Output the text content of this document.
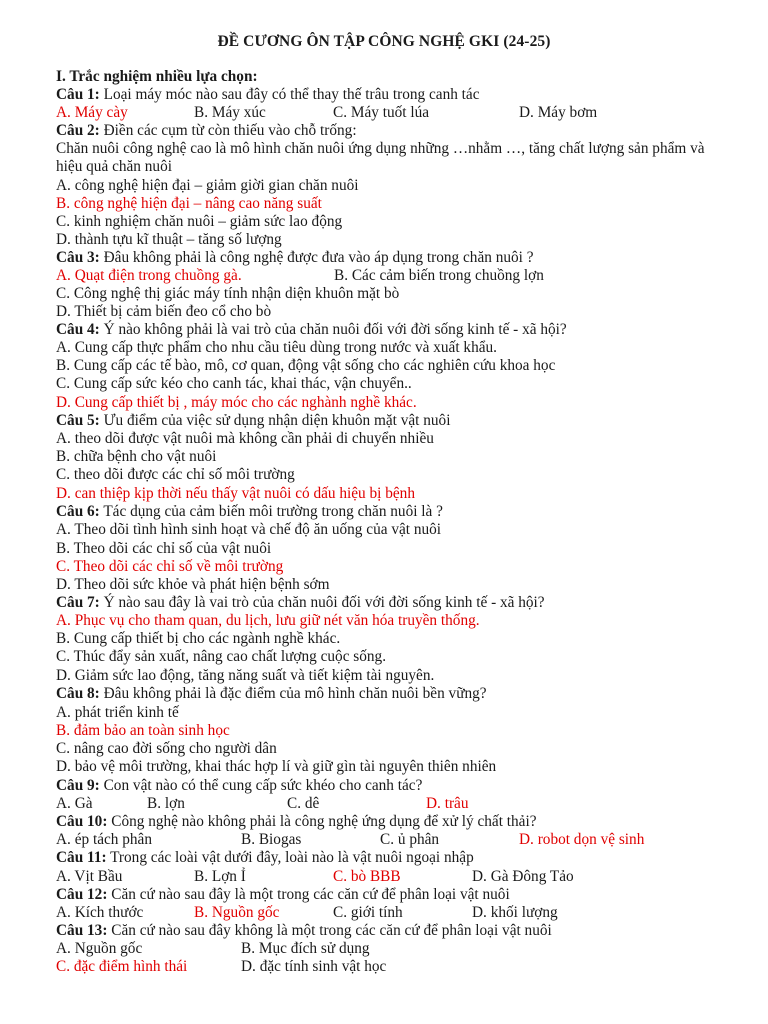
ĐỀ CƯƠNG ÔN TẬP CÔNG NGHỆ GKI (24-25)
I. Trắc nghiệm nhiều lựa chọn:
Câu 1: Loại máy móc nào sau đây có thể thay thế trâu trong canh tác
A. Máy cày	B. Máy xúc	C. Máy tuốt lúa	D. Máy bơm
Câu 2: Điền các cụm từ còn thiếu vào chỗ trống:
Chăn nuôi công nghệ cao là mô hình chăn nuôi ứng dụng những …nhằm …, tăng chất lượng sản phẩm và hiệu quả chăn nuôi
A. công nghệ hiện đại – giảm giời gian chăn nuôi
B. công nghệ hiện đại – nâng cao năng suất
C. kinh nghiệm chăn nuôi – giảm sức lao động
D. thành tựu kĩ thuật – tăng số lượng
Câu 3: Đâu không phải là công nghệ được đưa vào áp dụng trong chăn nuôi ?
A. Quạt điện trong chuồng gà.	B. Các cảm biến trong chuồng lợn
C. Công nghệ thị giác máy tính nhận diện khuôn mặt bò
D. Thiết bị cảm biến đeo cổ cho bò
Câu 4: Ý nào không phải là vai trò của chăn nuôi đối với đời sống kinh tế - xã hội?
A. Cung cấp thực phẩm cho nhu cầu tiêu dùng trong nước và xuất khẩu.
B. Cung cấp các tế bào, mô, cơ quan, động vật sống cho các nghiên cứu khoa học
C. Cung cấp sức kéo cho canh tác, khai thác, vận chuyển..
D. Cung cấp thiết bị , máy móc cho các nghành nghề khác.
Câu 5: Ưu điểm của việc sử dụng nhận diện khuôn mặt vật nuôi
A. theo dõi được vật nuôi mà không cần phải di chuyển nhiều
B. chữa bệnh cho vật nuôi
C. theo dõi được các chỉ số môi trường
D. can thiệp kịp thời nếu thấy vật nuôi có dấu hiệu bị bệnh
Câu 6: Tác dụng của cảm biến môi trường trong chăn nuôi là ?
A. Theo dõi tình hình sinh hoạt và chế độ ăn uống của vật nuôi
B. Theo dõi các chỉ số của vật nuôi
C. Theo dõi các chỉ số về môi trường
D. Theo dõi sức khỏe và phát hiện bệnh sớm
Câu 7: Ý nào sau đây là vai trò của chăn nuôi đối với đời sống kinh tế - xã hội?
A. Phục vụ cho tham quan, du lịch, lưu giữ nét văn hóa truyền thống.
B. Cung cấp thiết bị cho các ngành nghề khác.
C. Thúc đẩy sản xuất, nâng cao chất lượng cuộc sống.
D. Giảm sức lao động, tăng năng suất và tiết kiệm tài nguyên.
Câu 8: Đâu không phải là đặc điểm của mô hình chăn nuôi bền vững?
A. phát triển kinh tế
B. đảm bảo an toàn sinh học
C. nâng cao đời sống cho người dân
D. bảo vệ môi trường, khai thác hợp lí và giữ gìn tài nguyên thiên nhiên
Câu 9: Con vật nào có thể cung cấp sức khéo cho canh tác?
A. Gà	B. lợn	C. dê	D. trâu
Câu 10: Công nghệ nào không phải là công nghệ ứng dụng để xử lý chất thải?
A. ép tách phân	B. Biogas	C. ủ phân	D. robot dọn vệ sinh
Câu 11: Trong các loài vật dưới đây, loài nào là vật nuôi ngoại nhập
A. Vịt Bầu	B. Lợn Ỉ	C. bò BBB	D. Gà Đông Tảo
Câu 12: Căn cứ nào sau đây là một trong các căn cứ để phân loại vật nuôi
A. Kích thước	B. Nguồn gốc	C. giới tính	D. khối lượng
Câu 13: Căn cứ nào sau đây không là một trong các căn cứ để phân loại vật nuôi
A. Nguồn gốc	B. Mục đích sử dụng
C. đặc điểm hình thái	D. đặc tính sinh vật học
